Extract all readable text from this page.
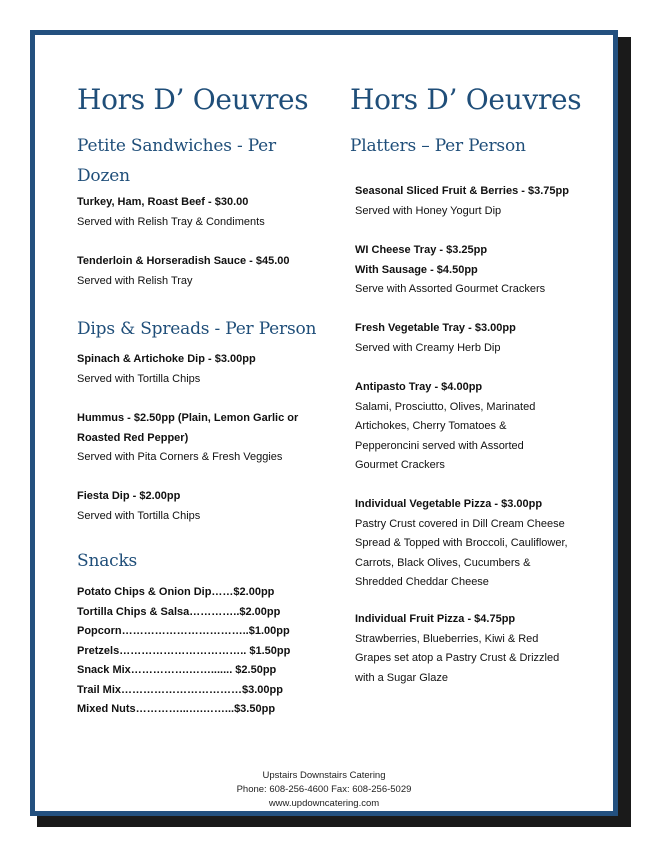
Hors D’ Oeuvres
Petite Sandwiches - Per Dozen
Turkey, Ham, Roast Beef - $30.00
Served with Relish Tray & Condiments
Tenderloin & Horseradish Sauce - $45.00
Served with Relish Tray
Dips & Spreads - Per Person
Spinach & Artichoke Dip - $3.00pp
Served with Tortilla Chips
Hummus - $2.50pp (Plain, Lemon Garlic or Roasted Red Pepper)
Served with Pita Corners & Fresh Veggies
Fiesta Dip - $2.00pp
Served with Tortilla Chips
Snacks
Potato Chips & Onion Dip……$2.00pp
Tortilla Chips & Salsa…………..$2.00pp
Popcorn……………………………..$1.00pp
Pretzels…………………………….. $1.50pp
Snack Mix…………….……....... $2.50pp
Trail Mix……………………………$3.00pp
Mixed Nuts…………...….……...$3.50pp
Hors D’ Oeuvres
Platters – Per Person
Seasonal Sliced Fruit & Berries - $3.75pp
Served with Honey Yogurt Dip
WI Cheese Tray - $3.25pp
With Sausage - $4.50pp
Serve with Assorted Gourmet Crackers
Fresh Vegetable Tray - $3.00pp
Served with Creamy Herb Dip
Antipasto Tray - $4.00pp
Salami, Prosciutto, Olives, Marinated Artichokes, Cherry Tomatoes & Pepperoncini served with Assorted Gourmet Crackers
Individual Vegetable Pizza - $3.00pp
Pastry Crust covered in Dill Cream Cheese Spread & Topped with Broccoli, Cauliflower, Carrots, Black Olives, Cucumbers & Shredded Cheddar Cheese
Individual Fruit Pizza - $4.75pp
Strawberries, Blueberries, Kiwi & Red Grapes set atop a Pastry Crust & Drizzled with a Sugar Glaze
Upstairs Downstairs Catering
Phone: 608-256-4600 Fax: 608-256-5029
www.updowncatering.com
